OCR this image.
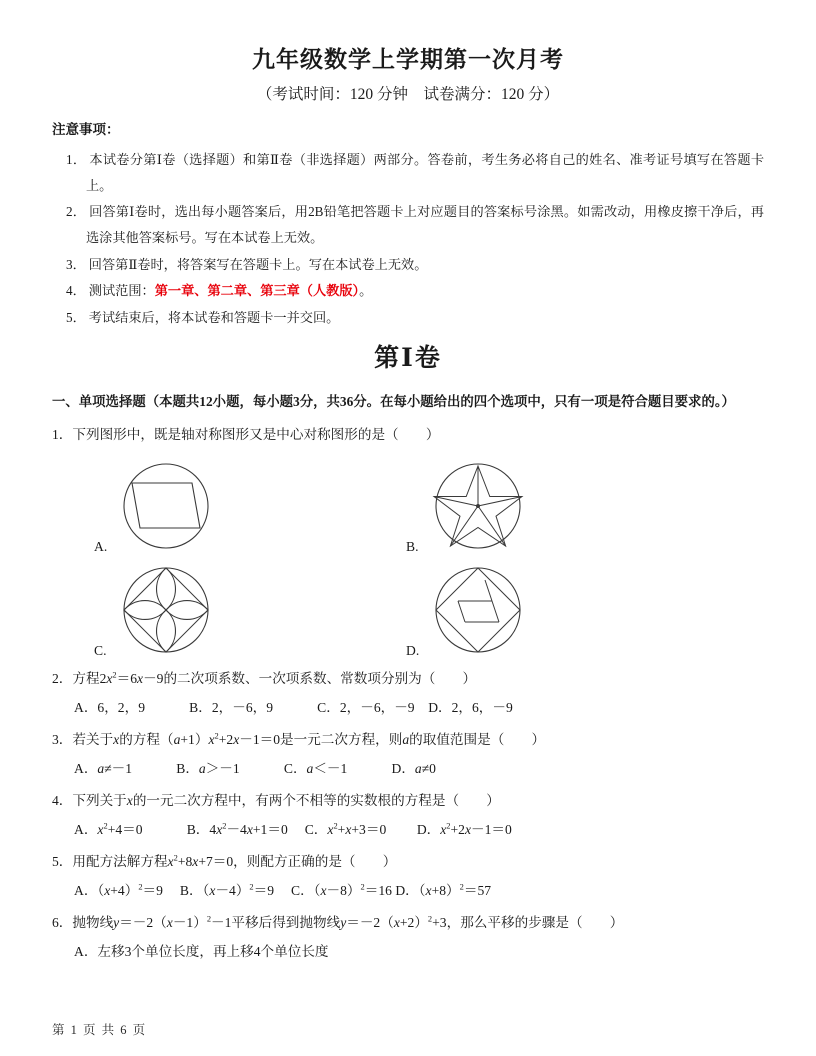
九年级数学上学期第一次月考
（考试时间：120 分钟　试卷满分：120 分）
注意事项：
1． 本试卷分第Ⅰ卷（选择题）和第Ⅱ卷（非选择题）两部分。答卷前，考生务必将自己的姓名、准考证号填写在答题卡上。
2． 回答第Ⅰ卷时，选出每小题答案后，用2B铅笔把答题卡上对应题目的答案标号涂黑。如需改动，用橡皮擦干净后，再选涂其他答案标号。写在本试卷上无效。
3． 回答第Ⅱ卷时，将答案写在答题卡上。写在本试卷上无效。
4． 测试范围：第一章、第二章、第三章（人教版）。
5． 考试结束后，将本试卷和答题卡一并交回。
第Ⅰ卷
一、单项选择题（本题共12小题，每小题3分，共36分。在每小题给出的四个选项中，只有一项是符合题目要求的。）
1．下列图形中，既是轴对称图形又是中心对称图形的是（　　）
A.	B.
C.	D.
2．方程$2x^2=6x-9$的二次项系数、一次项系数、常数项分别为（　　）
A．6，2，9　　　 B．2，－6，9　　　 C．2，－6，－9　D．2，6，－9
3．若关于x的方程$(a+1)x^2+2x-1=0$是一元二次方程，则a的取值范围是（　　）
A．a≠－1　　　 B．a＞－1　　　 C．a＜－1　　　 D．a≠0
4．下列关于x的一元二次方程中，有两个不相等的实数根的方程是（　　）
A．$x^2+4=0$　　　 B．$4x^2-4x+1=0$　 C．$x^2+x+3=0$　　 D．$x^2+2x-1=0$
5．用配方法解方程$x^2+8x+7=0$，则配方正确的是（　　）
A．$(x+4)^2=9$　 B．$(x-4)^2=9$　 C．$(x-8)^2=16$ D．$(x+8)^2=57$
6．抛物线$y=-2(x-1)^2-1$平移后得到抛物线$y=-2(x+2)^2+3$，那么平移的步骤是（　　）
A．左移3个单位长度，再上移4个单位长度
第 1 页 共 6 页
